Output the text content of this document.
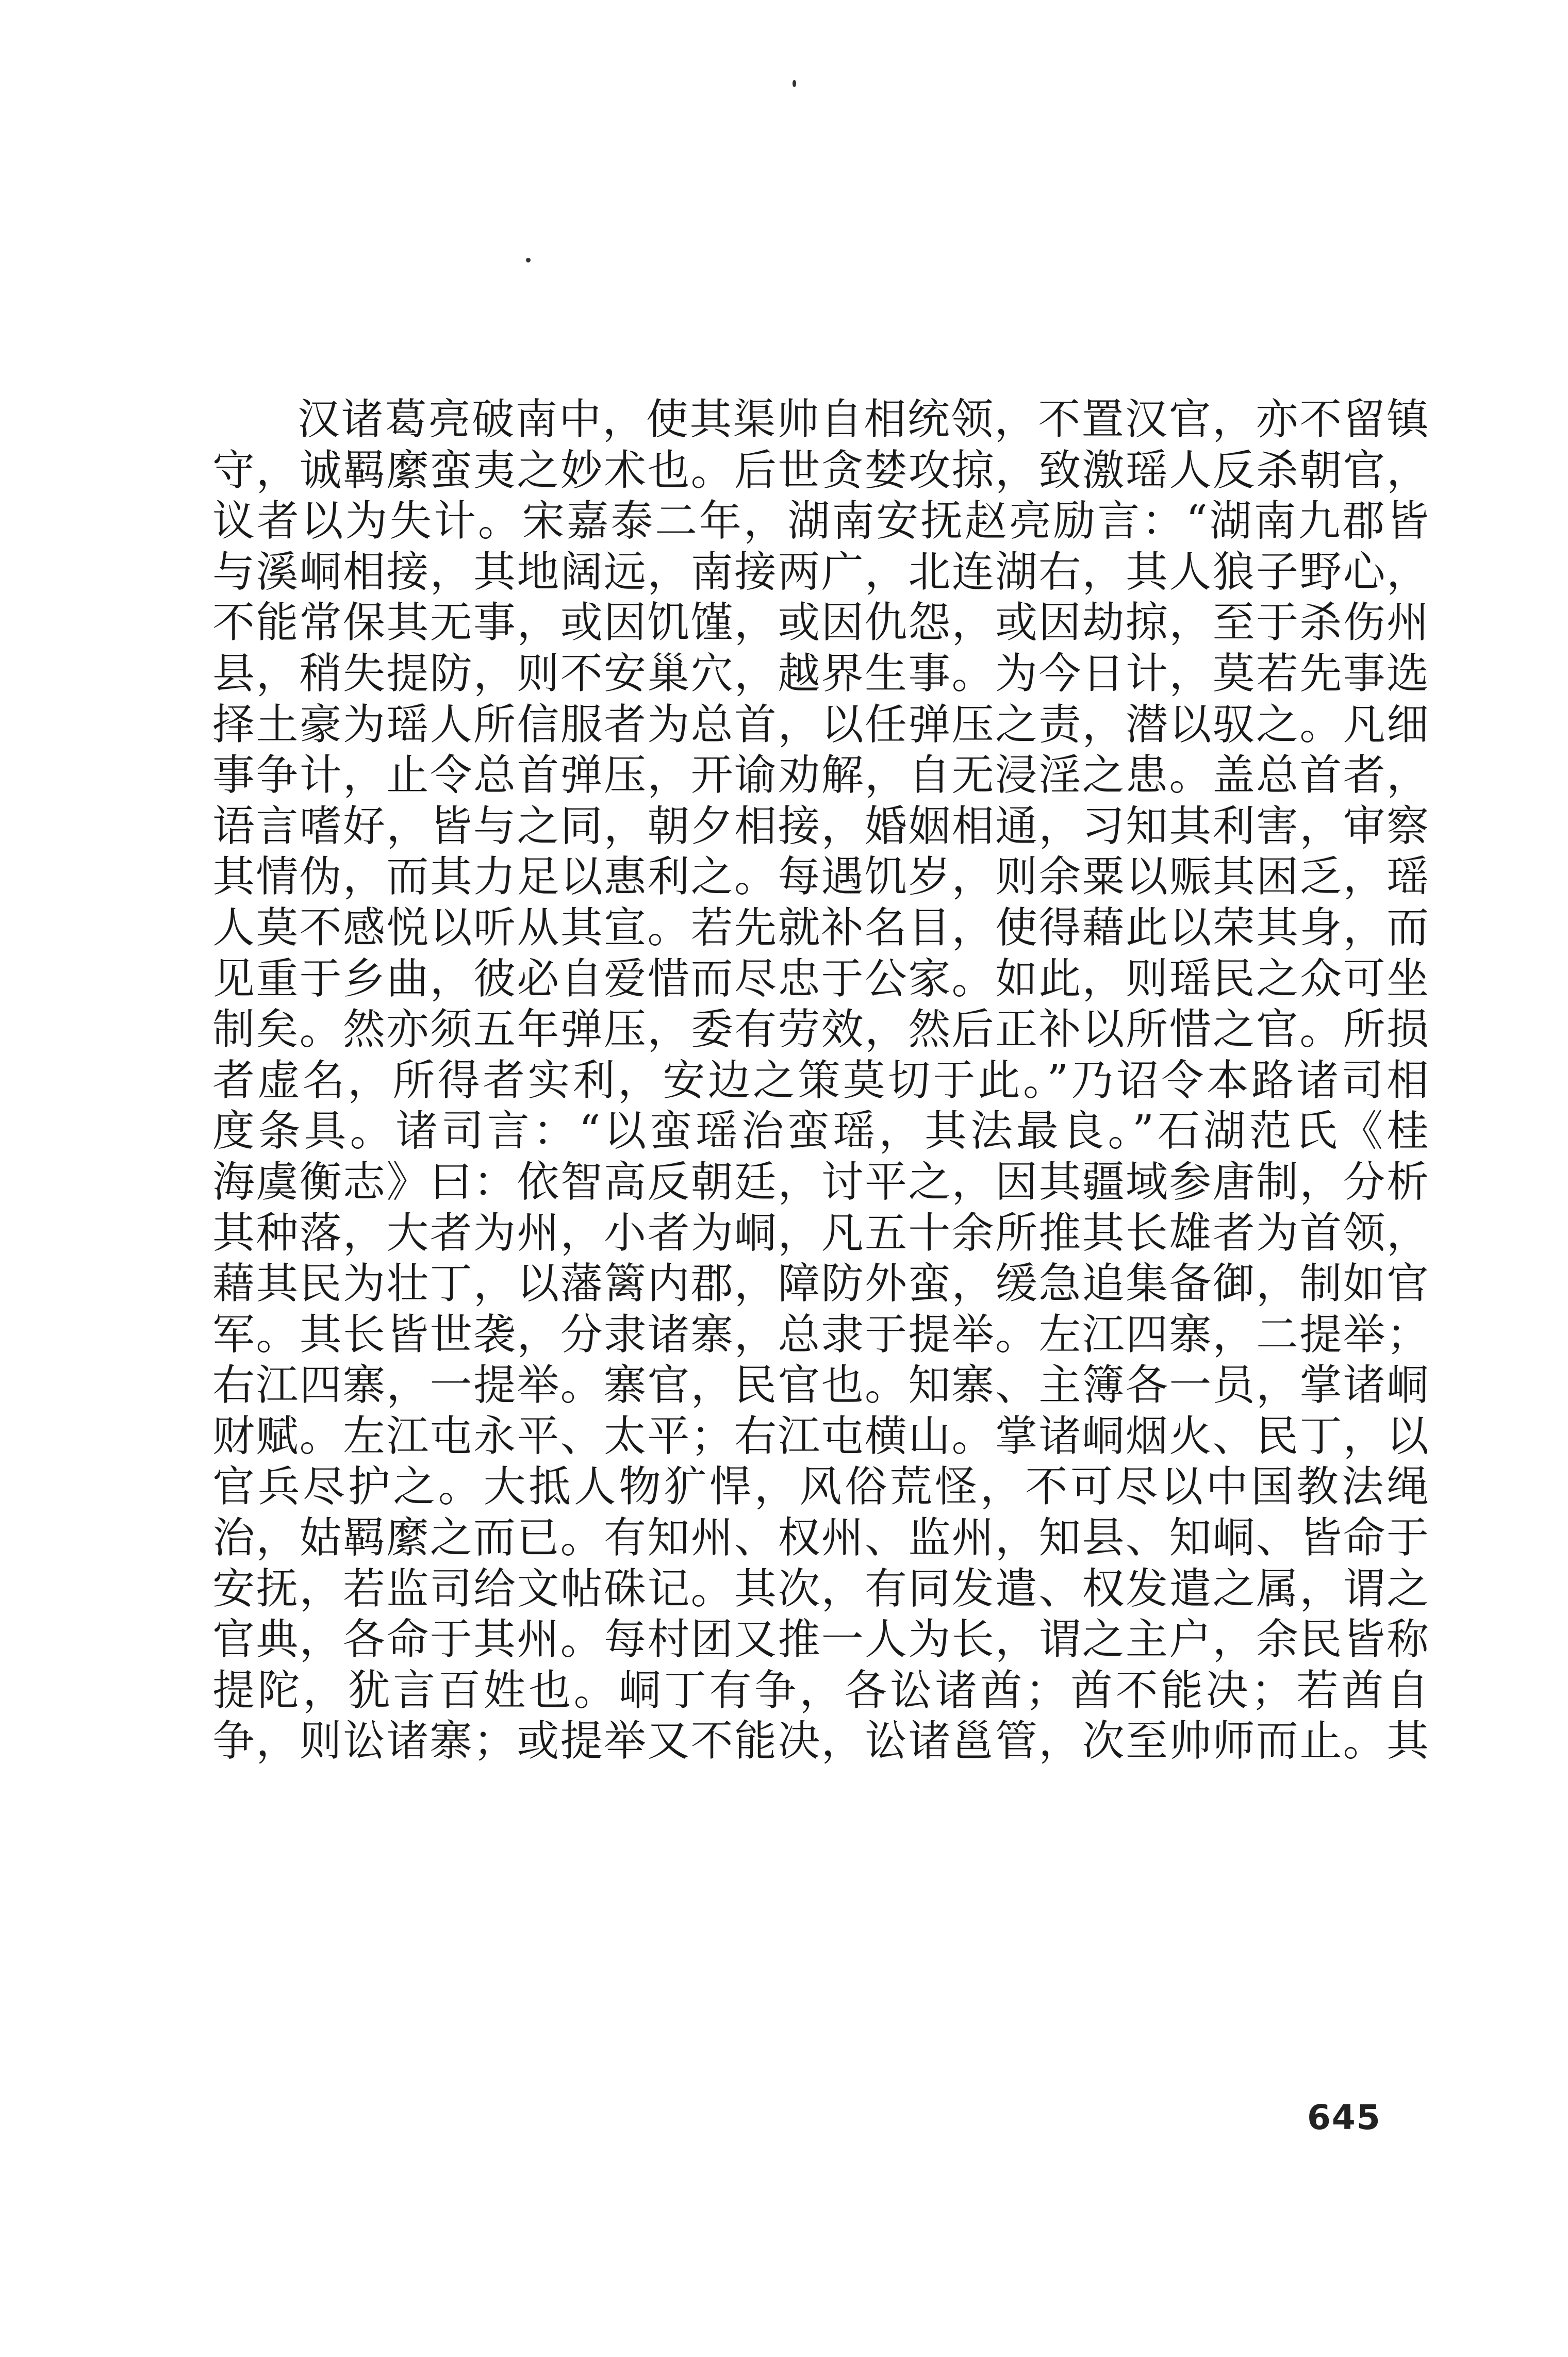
汉诸葛亮破南中，使其渠帅自相统领，不置汉官，亦不留镇
守，诚羁縻蛮夷之妙术也。后世贪婪攻掠，致激瑶人反杀朝官，
议者以为失计。宋嘉泰二年，湖南安抚赵亮励言：“湖南九郡皆
与溪峒相接，其地阔远，南接两广，北连湖右，其人狼子野心，
不能常保其无事，或因饥馑，或因仇怨，或因劫掠，至于杀伤州
县，稍失提防，则不安巢穴，越界生事。为今日计，莫若先事选
择土豪为瑶人所信服者为总首，以任弹压之责，潜以驭之。凡细
事争计，止令总首弹压，开谕劝解，自无浸淫之患。盖总首者，
语言嗜好，皆与之同，朝夕相接，婚姻相通，习知其利害，审察
其情伪，而其力足以惠利之。每遇饥岁，则余粟以赈其困乏，瑶
人莫不感悦以听从其宣。若先就补名目，使得藉此以荣其身，而
见重于乡曲，彼必自爱惜而尽忠于公家。如此，则瑶民之众可坐
制矣。然亦须五年弹压，委有劳效，然后正补以所惜之官。所损
者虚名，所得者实利，安边之策莫切于此。”乃诏令本路诸司相
度条具。诸司言：“以蛮瑶治蛮瑶，其法最良。”石湖范氏《桂
海虞衡志》曰：依智高反朝廷，讨平之，因其疆域参唐制，分析
其种落，大者为州，小者为峒，凡五十余所推其长雄者为首领，
藉其民为壮丁，以藩篱内郡，障防外蛮，缓急追集备御，制如官
军。其长皆世袭，分隶诸寨，总隶于提举。左江四寨，二提举；
右江四寨，一提举。寨官，民官也。知寨、主簿各一员，掌诸峒
财赋。左江屯永平、太平；右江屯横山。掌诸峒烟火、民丁，以
官兵尽护之。大抵人物犷悍，风俗荒怪，不可尽以中国教法绳
治，姑羁縻之而已。有知州、权州、监州，知县、知峒、皆命于
安抚，若监司给文帖硃记。其次，有同发遣、权发遣之属，谓之
官典，各命于其州。每村团又推一人为长，谓之主户，余民皆称
提陀，犹言百姓也。峒丁有争，各讼诸酋；酋不能决；若酋自
争，则讼诸寨；或提举又不能决，讼诸邕管，次至帅师而止。其
645
